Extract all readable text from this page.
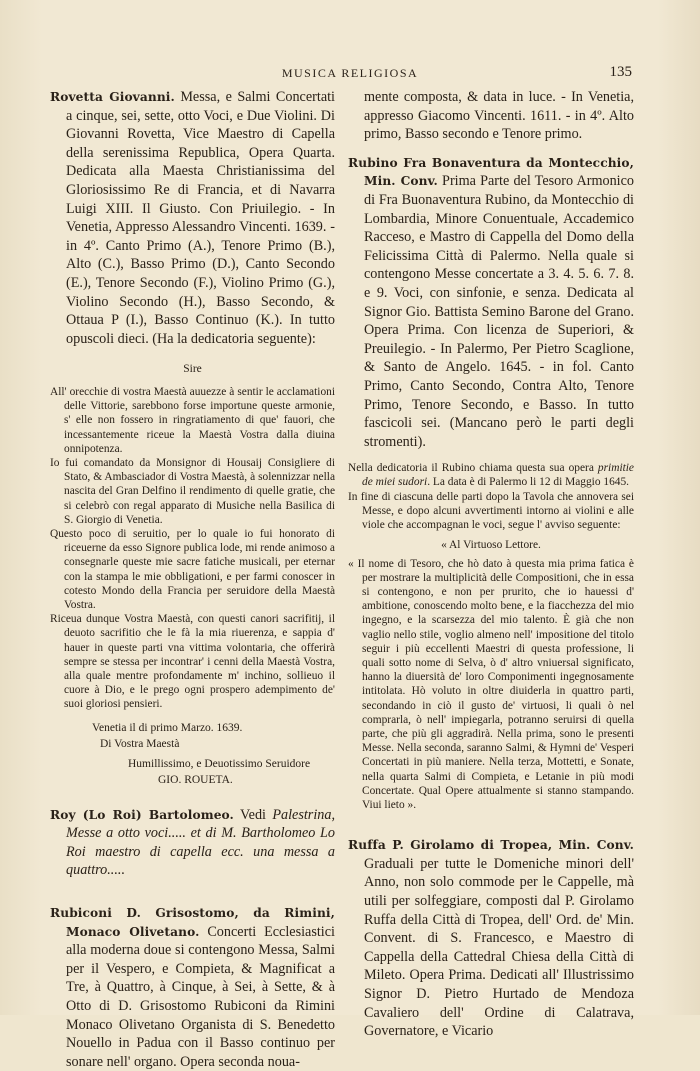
MUSICA RELIGIOSA	135

Rovetta Giovanni. Messa, e Salmi Concertati a cinque, sei, sette, otto Voci, e Due Violini. Di Giovanni Rovetta, Vice Maestro di Capella della serenissima Republica, Opera Quarta. Dedicata alla Maesta Christianissima del Gloriosissimo Re di Francia, et di Navarra Luigi XIII. Il Giusto. Con Priuilegio. - In Venetia, Appresso Alessandro Vincenti. 1639. - in 4º. Canto Primo (A.), Tenore Primo (B.), Alto (C.), Basso Primo (D.), Canto Secondo (E.), Tenore Secondo (F.), Violino Primo (G.), Violino Secondo (H.), Basso Secondo, & Ottaua P (I.), Basso Continuo (K.). In tutto opuscoli dieci. (Ha la dedicatoria seguente):

Sire

All' orecchie di vostra Maestà auuezze à sentir le acclamationi delle Vittorie, sarebbono forse importune queste armonie, s' elle non fossero in ringratiamento di que' fauori, che incessantemente riceue la Maestà Vostra dalla diuina onnipotenza.

Io fui comandato da Monsignor di Housaij Consigliere di Stato, & Ambasciador di Vostra Maestà, à solennizzar nella nascita del Gran Delfino il rendimento di quelle gratie, che si celebrò con regal apparato di Musiche nella Basilica di S. Giorgio di Venetia.

Questo poco di seruitio, per lo quale io fui honorato di riceuerne da esso Signore publica lode, mi rende animoso a consegnarle queste mie sacre fatiche musicali, per eternar con la stampa le mie obbligationi, e per farmi conoscer in cotesto Mondo della Francia per seruidore della Maestà Vostra.

Riceua dunque Vostra Maestà, con questi canori sacrifitij, il deuoto sacrifitio che le fà la mia riuerenza, e sappia d' hauer in queste parti vna vittima volontaria, che offerirà sempre se stessa per incontrar' i cenni della Maestà Vostra, alla quale mentre profondamente m' inchino, sollieuo il cuore à Dio, e le prego ogni prospero adempimento de' suoi gloriosi pensieri.

Venetia il di primo Marzo. 1639.
Di Vostra Maestà
Humillissimo, e Deuotissimo Seruidore
GIO. ROUETA.

Roy (Lo Roi) Bartolomeo. Vedi Palestrina, Messe a otto voci..... et di M. Bartholomeo Lo Roi maestro di capella ecc. una messa a quattro.....

Rubiconi D. Grisostomo, da Rimini, Monaco Olivetano. Concerti Ecclesiastici alla moderna doue si contengono Messa, Salmi per il Vespero, e Compieta, & Magnificat a Tre, à Quattro, à Cinque, à Sei, à Sette, & à Otto di D. Grisostomo Rubiconi da Rimini Monaco Olivetano Organista di S. Benedetto Nouello in Padua con il Basso continuo per sonare nell' organo. Opera seconda noua-

mente composta, & data in luce. - In Venetia, appresso Giacomo Vincenti. 1611. - in 4º. Alto primo, Basso secondo e Tenore primo.

Rubino Fra Bonaventura da Montecchio, Min. Conv. Prima Parte del Tesoro Armonico di Fra Buonaventura Rubino, da Montecchio di Lombardia, Minore Conuentuale, Accademico Racceso, e Mastro di Cappella del Domo della Felicissima Città di Palermo. Nella quale si contengono Messe concertate a 3. 4. 5. 6. 7. 8. e 9. Voci, con sinfonie, e senza. Dedicata al Signor Gio. Battista Semino Barone del Grano. Opera Prima. Con licenza de Superiori, & Preuilegio. - In Palermo, Per Pietro Scaglione, & Santo de Angelo. 1645. - in fol. Canto Primo, Canto Secondo, Contra Alto, Tenore Primo, Tenore Secondo, e Basso. In tutto fascicoli sei. (Mancano però le parti degli stromenti).

Nella dedicatoria il Rubino chiama questa sua opera primitie de miei sudori. La data è di Palermo li 12 di Maggio 1645.

In fine di ciascuna delle parti dopo la Tavola che annovera sei Messe, e dopo alcuni avvertimenti intorno ai violini e alle viole che accompagnan le voci, segue l' avviso seguente:

« Al Virtuoso Lettore.

« Il nome di Tesoro, che hò dato à questa mia prima fatica è per mostrare la multiplicità delle Compositioni, che in essa si contengono, e non per prurito, che io hauessi d' ambitione, conoscendo molto bene, e la fiacchezza del mio ingegno, e la scarsezza del mio talento. È già che non vaglio nello stile, voglio almeno nell' impositione del titolo seguir i più eccellenti Maestri di questa professione, li quali sotto nome di Selva, ò d' altro vniuersal significato, hanno la diuersità de' loro Componimenti ingegnosamente intitolata. Hò voluto in oltre diuiderla in quattro parti, secondando in ciò il gusto de' virtuosi, li quali ò nel comprarla, ò nell' impiegarla, potranno seruirsi di quella parte, che più gli aggradirà. Nella prima, sono le presenti Messe. Nella seconda, saranno Salmi, & Hymni de' Vesperi Concertati in più maniere. Nella terza, Mottetti, e Sonate, nella quarta Salmi di Compieta, e Letanie in più modi Concertate. Qual Opere attualmente si stanno stampando. Viui lieto ».

Ruffa P. Girolamo di Tropea, Min. Conv. Graduali per tutte le Domeniche minori dell' Anno, non solo commode per le Cappelle, mà utili per solfeggiare, composti dal P. Girolamo Ruffa della Città di Tropea, dell' Ord. de' Min. Convent. di S. Francesco, e Maestro di Cappella della Cattedral Chiesa della Città di Mileto. Opera Prima. Dedicati all' Illustrissimo Signor D. Pietro Hurtado de Mendoza Cavaliero dell' Ordine di Calatrava, Governatore, e Vicario
